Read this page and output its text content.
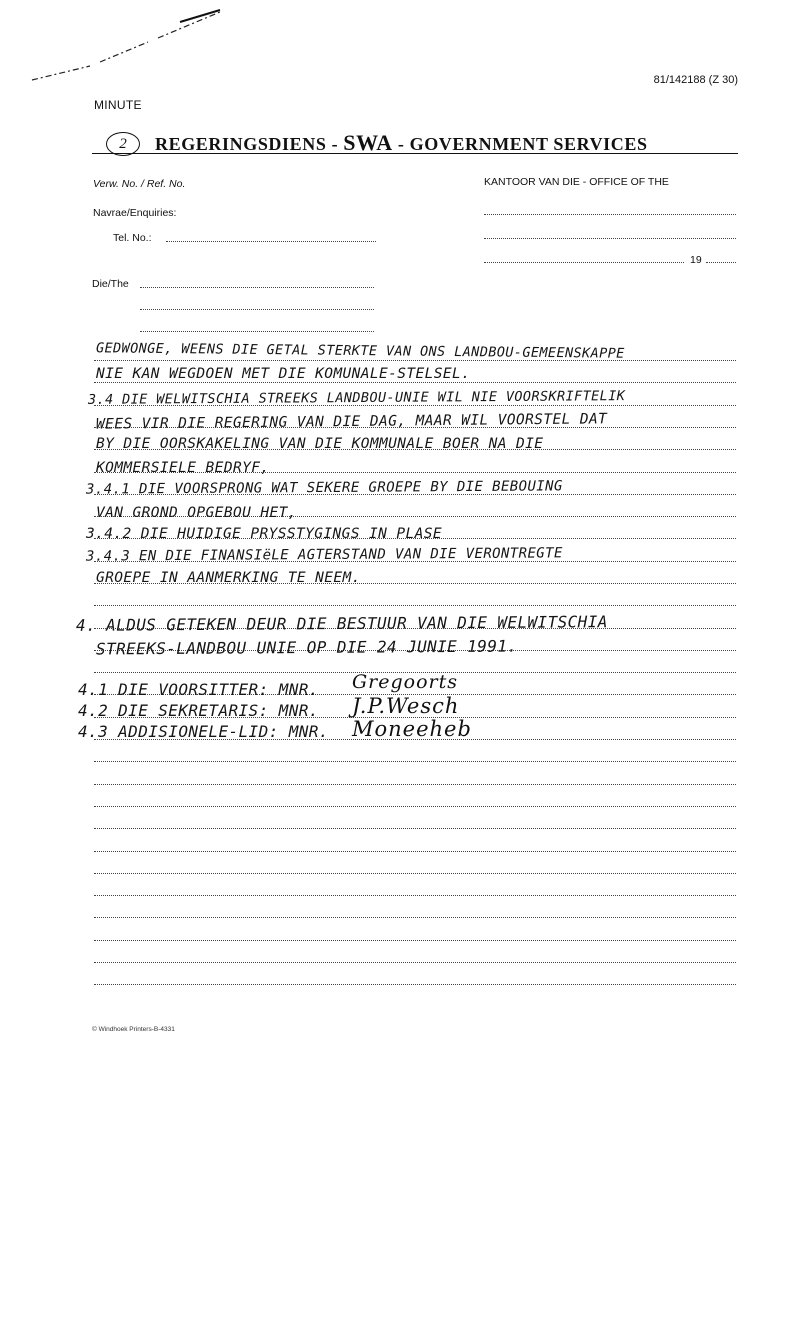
81/142188 (Z 30)
MINUTE
2	REGERINGSDIENS - SWA - GOVERNMENT SERVICES
Verw. No. / Ref. No.	KANTOOR VAN DIE - OFFICE OF THE
Navrae/Enquiries:
Tel. No.:
19
Die/The
GEDWONGE, WEENS DIE GETAL STERKTE VAN ONS LANDBOU-GEMEENSKAPPE
NIE KAN WEGDOEN MET DIE KOMUNALE-STELSEL.
3.4 DIE WELWITSCHIA STREEKS LANDBOU-UNIE WIL NIE VOORSKRIFTELIK
WEES VIR DIE REGERING VAN DIE DAG, MAAR WIL VOORSTEL DAT
BY DIE OORSKAKELING VAN DIE KOMMUNALE BOER NA DIE
KOMMERSIELE BEDRYF,
3.4.1 DIE VOORSPRONG WAT SEKERE GROEPE BY DIE BEBOUING
VAN GROND OPGEBOU HET,
3.4.2 DIE HUIDIGE PRYSSTYGINGS IN PLASE
3.4.3 EN DIE FINANSIëLE AGTERSTAND VAN DIE VERONTREGTE
GROEPE IN AANMERKING TE NEEM.
4. ALDUS GETEKEN DEUR DIE BESTUUR VAN DIE WELWITSCHIA
STREEKS-LANDBOU UNIE OP DIE 24 JUNIE 1991.
4.1 DIE VOORSITTER: MNR.
4.2 DIE SEKRETARIS: MNR.
4.3 ADDISIONELE-LID: MNR.
Gregoorts
J.P.Wesch
Moneeheb
© Windhoek Printers-B-4331
